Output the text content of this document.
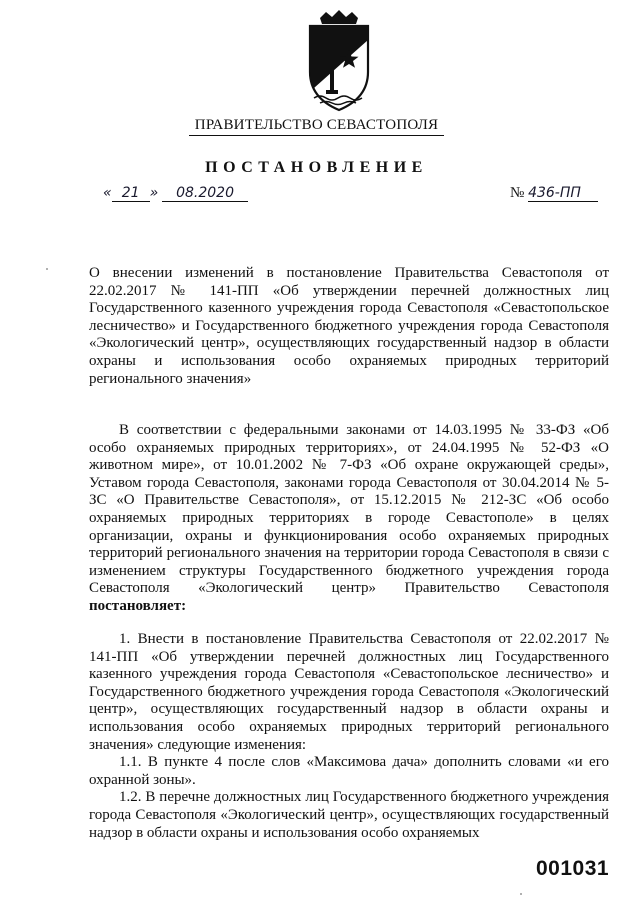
ПРАВИТЕЛЬСТВО СЕВАСТОПОЛЯ
ПОСТАНОВЛЕНИЕ
« 21 » 08.2020	№ 436-ПП

О внесении изменений в постановление Правительства Севастополя от 22.02.2017 № 141-ПП «Об утверждении перечней должностных лиц Государственного казенного учреждения города Севастополя «Севастопольское лесничество» и Государственного бюджетного учреждения города Севастополя «Экологический центр», осуществляющих государственный надзор в области охраны и использования особо охраняемых природных территорий регионального значения»

В соответствии с федеральными законами от 14.03.1995 № 33-ФЗ «Об особо охраняемых природных территориях», от 24.04.1995 № 52-ФЗ «О животном мире», от 10.01.2002 № 7-ФЗ «Об охране окружающей среды», Уставом города Севастополя, законами города Севастополя от 30.04.2014 № 5-ЗС «О Правительстве Севастополя», от 15.12.2015 № 212-ЗС «Об особо охраняемых природных территориях в городе Севастополе» в целях организации, охраны и функционирования особо охраняемых природных территорий регионального значения на территории города Севастополя в связи с изменением структуры Государственного бюджетного учреждения города Севастополя «Экологический центр» Правительство Севастополя постановляет:

1. Внести в постановление Правительства Севастополя от 22.02.2017 № 141-ПП «Об утверждении перечней должностных лиц Государственного казенного учреждения города Севастополя «Севастопольское лесничество» и Государственного бюджетного учреждения города Севастополя «Экологический центр», осуществляющих государственный надзор в области охраны и использования особо охраняемых природных территорий регионального значения» следующие изменения:

1.1. В пункте 4 после слов «Максимова дача» дополнить словами «и его охранной зоны».

1.2. В перечне должностных лиц Государственного бюджетного учреждения города Севастополя «Экологический центр», осуществляющих государственный надзор в области охраны и использования особо охраняемых

001031
